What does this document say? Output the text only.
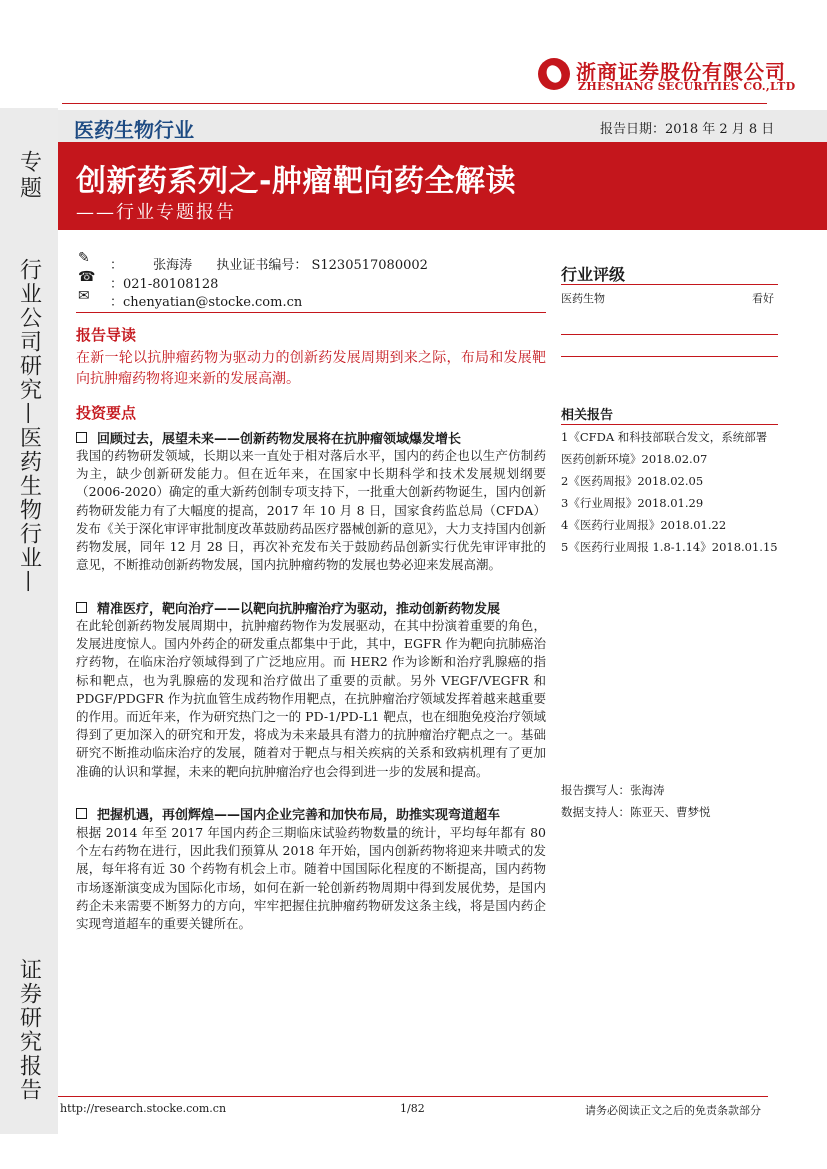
浙商证券股份有限公司
ZHESHANG SECURITIES CO.,LTD
专题
行业公司研究—医药生物行业—
证券研究报告
医药生物行业	报告日期：2018 年 2 月 8 日
创新药系列之-肿瘤靶向药全解读
——行业专题报告
✎ ： 张海涛 执业证书编号： S1230517080002
☎ ：021-80108128
✉ ：chenyatian@stocke.com.cn
报告导读
在新一轮以抗肿瘤药物为驱动力的创新药发展周期到来之际，布局和发展靶向抗肿瘤药物将迎来新的发展高潮。
投资要点
回顾过去，展望未来——创新药物发展将在抗肿瘤领域爆发增长
我国的药物研发领域，长期以来一直处于相对落后水平，国内的药企也以生产仿制药为主，缺少创新研发能力。但在近年来，在国家中长期科学和技术发展规划纲要（2006-2020）确定的重大新药创制专项支持下，一批重大创新药物诞生，国内创新药物研发能力有了大幅度的提高，2017 年 10 月 8 日，国家食药监总局（CFDA）发布《关于深化审评审批制度改革鼓励药品医疗器械创新的意见》，大力支持国内创新药物发展，同年 12 月 28 日，再次补充发布关于鼓励药品创新实行优先审评审批的意见，不断推动创新药物发展，国内抗肿瘤药物的发展也势必迎来发展高潮。
精准医疗，靶向治疗——以靶向抗肿瘤治疗为驱动，推动创新药物发展
在此轮创新药物发展周期中，抗肿瘤药物作为发展驱动，在其中扮演着重要的角色，发展进度惊人。国内外药企的研发重点都集中于此，其中，EGFR 作为靶向抗肺癌治疗药物，在临床治疗领域得到了广泛地应用。而 HER2 作为诊断和治疗乳腺癌的指标和靶点，也为乳腺癌的发现和治疗做出了重要的贡献。另外 VEGF/VEGFR 和 PDGF/PDGFR 作为抗血管生成药物作用靶点，在抗肿瘤治疗领域发挥着越来越重要的作用。而近年来，作为研究热门之一的 PD-1/PD-L1 靶点，也在细胞免疫治疗领域得到了更加深入的研究和开发，将成为未来最具有潜力的抗肿瘤治疗靶点之一。基础研究不断推动临床治疗的发展，随着对于靶点与相关疾病的关系和致病机理有了更加准确的认识和掌握，未来的靶向抗肿瘤治疗也会得到进一步的发展和提高。
把握机遇，再创辉煌——国内企业完善和加快布局，助推实现弯道超车
根据 2014 年至 2017 年国内药企三期临床试验药物数量的统计，平均每年都有 80 个左右药物在进行，因此我们预算从 2018 年开始，国内创新药物将迎来井喷式的发展，每年将有近 30 个药物有机会上市。随着中国国际化程度的不断提高，国内药物市场逐渐演变成为国际化市场，如何在新一轮创新药物周期中得到发展优势，是国内药企未来需要不断努力的方向，牢牢把握住抗肿瘤药物研发这条主线，将是国内药企实现弯道超车的重要关键所在。
行业评级
医药生物	看好
相关报告
1《CFDA 和科技部联合发文，系统部署
医药创新环境》2018.02.07
2《医药周报》2018.02.05
3《行业周报》2018.01.29
4《医药行业周报》2018.01.22
5《医药行业周报 1.8-1.14》2018.01.15
报告撰写人：张海涛
数据支持人：陈亚天、曹梦悦
http://research.stocke.com.cn	1/82	请务必阅读正文之后的免责条款部分
